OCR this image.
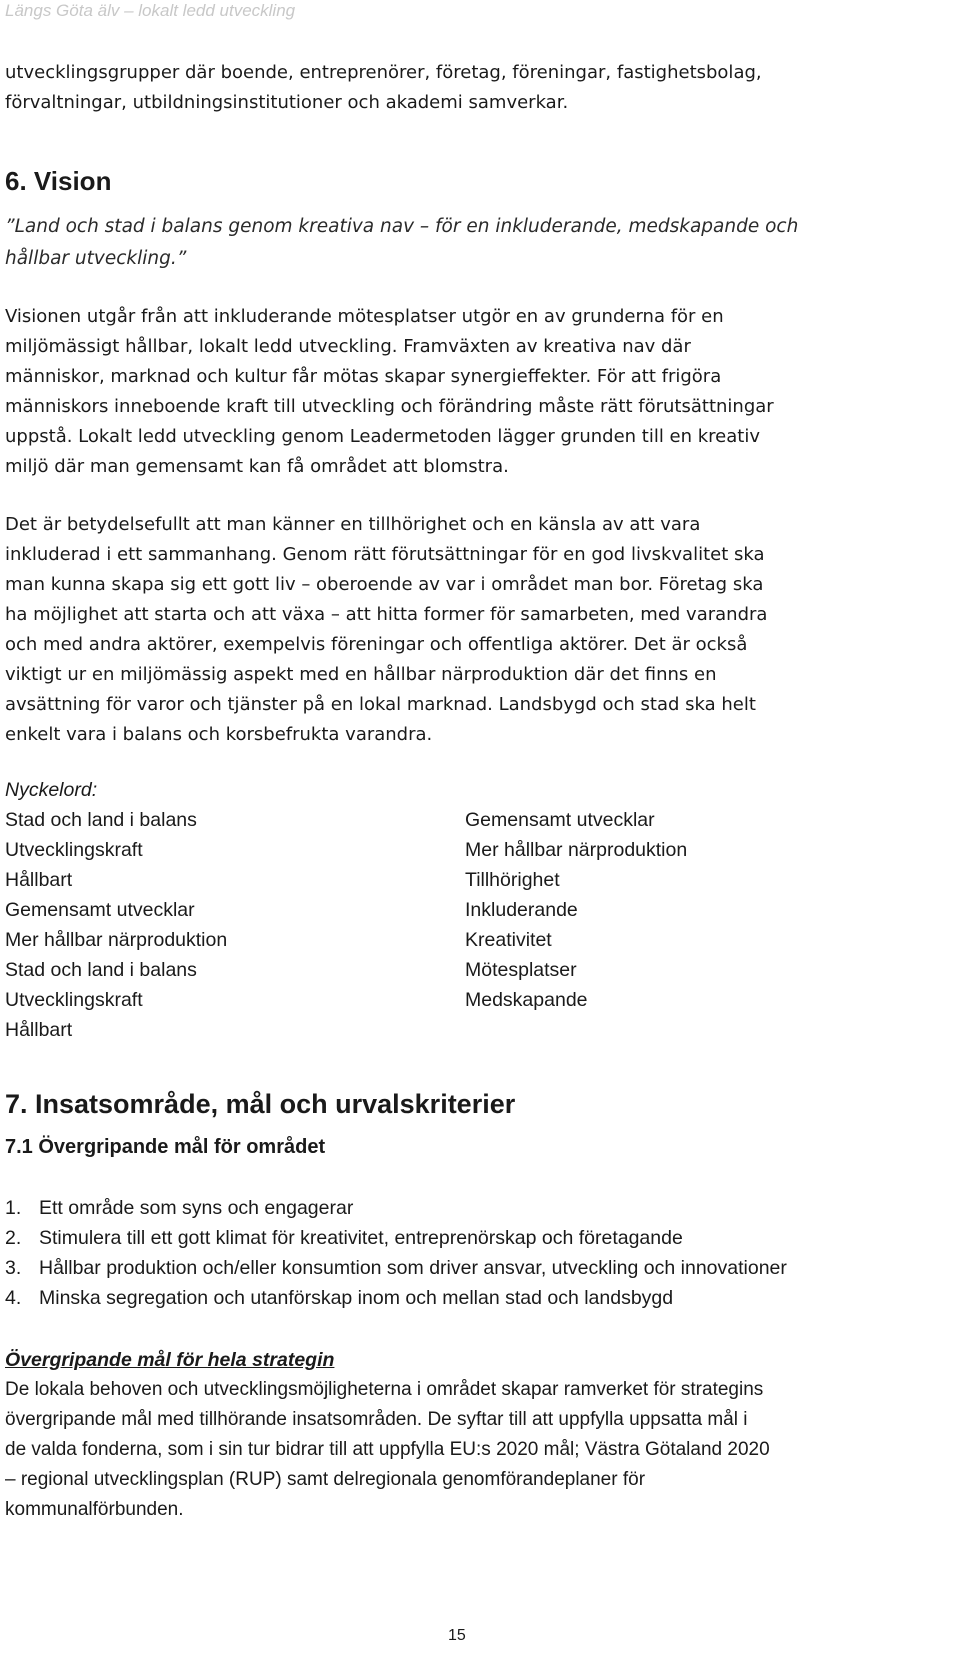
Längs Göta älv – lokalt ledd utveckling
utvecklingsgrupper där boende, entreprenörer, företag, föreningar, fastighetsbolag,
förvaltningar, utbildningsinstitutioner och akademi samverkar.
6. Vision
”Land och stad i balans genom kreativa nav – för en inkluderande, medskapande och
hållbar utveckling.”
Visionen utgår från att inkluderande mötesplatser utgör en av grunderna för en
miljömässigt hållbar, lokalt ledd utveckling. Framväxten av kreativa nav där
människor, marknad och kultur får mötas skapar synergieffekter. För att frigöra
människors inneboende kraft till utveckling och förändring måste rätt förutsättningar
uppstå. Lokalt ledd utveckling genom Leadermetoden lägger grunden till en kreativ
miljö där man gemensamt kan få området att blomstra.
Det är betydelsefullt att man känner en tillhörighet och en känsla av att vara
inkluderad i ett sammanhang. Genom rätt förutsättningar för en god livskvalitet ska
man kunna skapa sig ett gott liv – oberoende av var i området man bor. Företag ska
ha möjlighet att starta och att växa – att hitta former för samarbeten, med varandra
och med andra aktörer, exempelvis föreningar och offentliga aktörer. Det är också
viktigt ur en miljömässig aspekt med en hållbar närproduktion där det finns en
avsättning för varor och tjänster på en lokal marknad. Landsbygd och stad ska helt
enkelt vara i balans och korsbefrukta varandra.
Nyckelord:
Stad och land i balans
Utvecklingskraft
Hållbart
Gemensamt utvecklar
Mer hållbar närproduktion
Stad och land i balans
Utvecklingskraft
Hållbart
Gemensamt utvecklar
Mer hållbar närproduktion
Tillhörighet
Inkluderande
Kreativitet
Mötesplatser
Medskapande
7. Insatsområde, mål och urvalskriterier
7.1 Övergripande mål för området
1. Ett område som syns och engagerar
2. Stimulera till ett gott klimat för kreativitet, entreprenörskap och företagande
3. Hållbar produktion och/eller konsumtion som driver ansvar, utveckling och innovationer
4. Minska segregation och utanförskap inom och mellan stad och landsbygd
Övergripande mål för hela strategin
De lokala behoven och utvecklingsmöjligheterna i området skapar ramverket för strategins
övergripande mål med tillhörande insatsområden. De syftar till att uppfylla uppsatta mål i
de valda fonderna, som i sin tur bidrar till att uppfylla EU:s 2020 mål; Västra Götaland 2020
– regional utvecklingsplan (RUP) samt delregionala genomförandeplaner för
kommunalförbunden.
15
